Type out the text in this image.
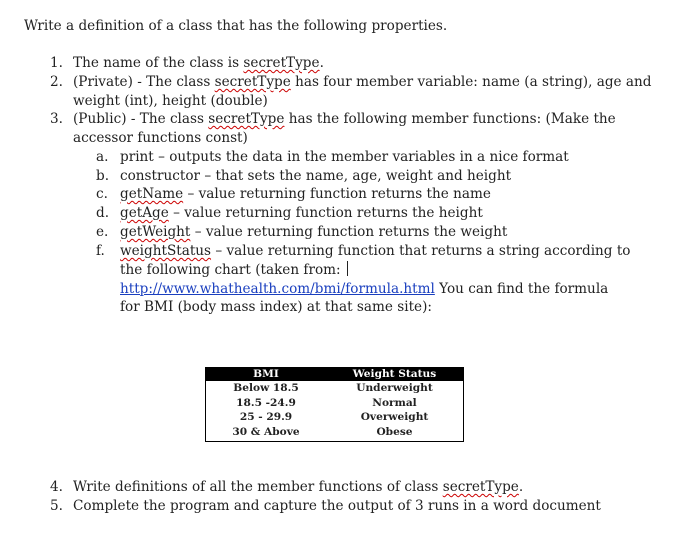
Write a definition of a class that has the following properties.
1. The name of the class is secretType.
2. (Private) - The class secretType has four member variable: name (a string), age and
weight (int), height (double)
3. (Public) - The class secretType has the following member functions: (Make the
accessor functions const)
a. print – outputs the data in the member variables in a nice format
b. constructor – that sets the name, age, weight and height
c. getName – value returning function returns the name
d. getAge – value returning function returns the height
e. getWeight – value returning function returns the weight
f. weightStatus – value returning function that returns a string according to
the following chart (taken from:
http://www.whathealth.com/bmi/formula.html You can find the formula
for BMI (body mass index) at that same site):
BMI	Weight Status
Below 18.5	Underweight
18.5 -24.9	Normal
25 - 29.9	Overweight
30 & Above	Obese
4. Write definitions of all the member functions of class secretType.
5. Complete the program and capture the output of 3 runs in a word document
